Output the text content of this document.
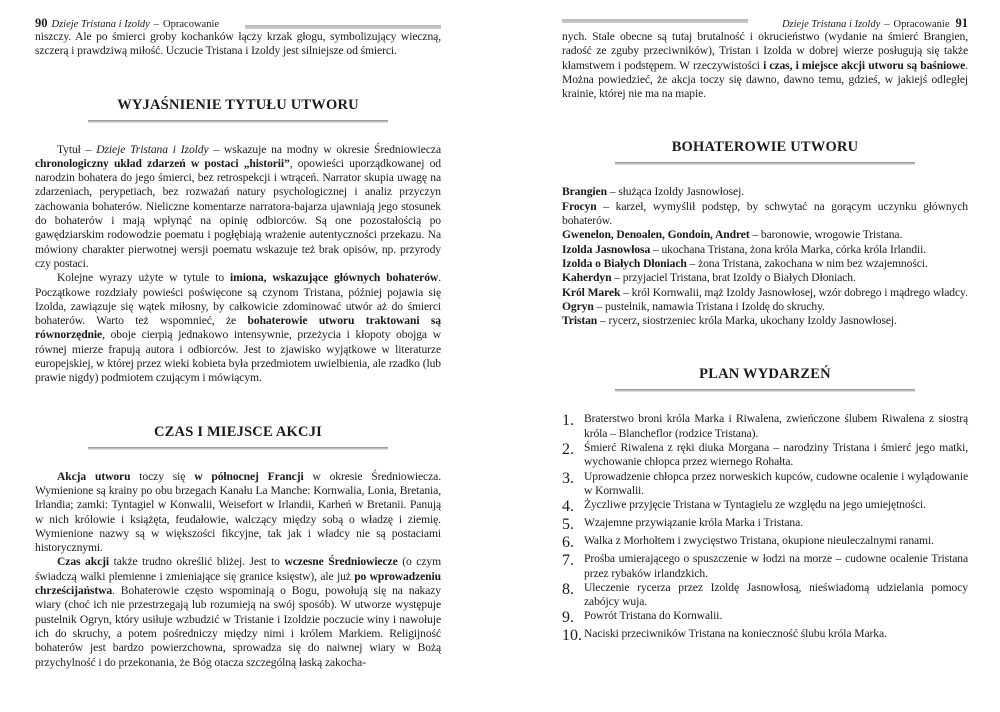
90 Dzieje Tristana i Izoldy – Opracowanie

niszczy. Ale po śmierci groby kochanków łączy krzak głogu, symbolizujący wieczną, szczerą i prawdziwą miłość. Uczucie Tristana i Izoldy jest silniejsze od śmierci.

WYJAŚNIENIE TYTUŁU UTWORU

Tytuł – Dzieje Tristana i Izoldy – wskazuje na modny w okresie Średniowiecza chronologiczny układ zdarzeń w postaci „historii”, opowieści uporządkowanej od narodzin bohatera do jego śmierci, bez retrospekcji i wtrąceń. Narrator skupia uwagę na zdarzeniach, perypetiach, bez rozważań natury psychologicznej i analiz przyczyn zachowania bohaterów. Nieliczne komentarze narratora-bajarza ujawniają jego stosunek do bohaterów i mają wpłynąć na opinię odbiorców. Są one pozostałością po gawędziarskim rodowodzie poematu i pogłębiają wrażenie autentyczności przekazu. Na mówiony charakter pierwotnej wersji poematu wskazuje też brak opisów, np. przyrody czy postaci.

Kolejne wyrazy użyte w tytule to imiona, wskazujące głównych bohaterów. Początkowe rozdziały powieści poświęcone są czynom Tristana, później pojawia się Izolda, zawiązuje się wątek miłosny, by całkowicie zdominować utwór aż do śmierci bohaterów. Warto też wspomnieć, że bohaterowie utworu traktowani są równorzędnie, oboje cierpią jednakowo intensywnie, przeżycia i kłopoty obojga w równej mierze frapują autora i odbiorców. Jest to zjawisko wyjątkowe w literaturze europejskiej, w której przez wieki kobieta była przedmiotem uwielbienia, ale rzadko (lub prawie nigdy) podmiotem czującym i mówiącym.

CZAS I MIEJSCE AKCJI

Akcja utworu toczy się w północnej Francji w okresie Średniowiecza. Wymienione są krainy po obu brzegach Kanału La Manche: Kornwalia, Lonia, Bretania, Irlandia; zamki: Tyntagiel w Konwalii, Weisefort w Irlandii, Karheń w Bretanii. Panują w nich królowie i książęta, feudałowie, walczący między sobą o władzę i ziemię. Wymienione nazwy są w większości fikcyjne, tak jak i władcy nie są postaciami historycznymi.

Czas akcji także trudno określić bliżej. Jest to wczesne Średniowiecze (o czym świadczą walki plemienne i zmieniające się granice księstw), ale już po wprowadzeniu chrześcijaństwa. Bohaterowie często wspominają o Bogu, powołują się na nakazy wiary (choć ich nie przestrzegają lub rozumieją na swój sposób). W utworze występuje pustelnik Ogryn, który usiłuje wzbudzić w Tristanie i Izoldzie poczucie winy i nawołuje ich do skruchy, a potem pośredniczy między nimi i królem Markiem. Religijność bohaterów jest bardzo powierzchowna, sprowadza się do naiwnej wiary w Bożą przychylność i do przekonania, że Bóg otacza szczególną łaską zakocha-

Dzieje Tristana i Izoldy – Opracowanie 91

nych. Stale obecne są tutaj brutalność i okrucieństwo (wydanie na śmierć Brangien, radość ze zguby przeciwników), Tristan i Izolda w dobrej wierze posługują się także kłamstwem i podstępem. W rzeczywistości i czas, i miejsce akcji utworu są baśniowe. Można powiedzieć, że akcja toczy się dawno, dawno temu, gdzieś, w jakiejś odległej krainie, której nie ma na mapie.

BOHATEROWIE UTWORU
Brangien – służąca Izoldy Jasnowłosej.
Frocyn – karzeł, wymyślił podstęp, by schwytać na gorącym uczynku głównych bohaterów.
Gwenelon, Denoalen, Gondoin, Andret – baronowie, wrogowie Tristana.
Izolda Jasnowłosa – ukochana Tristana, żona króla Marka, córka króla Irlandii.
Izolda o Białych Dłoniach – żona Tristana, zakochana w nim bez wzajemności.
Kaherdyn – przyjaciel Tristana, brat Izoldy o Białych Dłoniach.
Król Marek – król Kornwalii, mąż Izoldy Jasnowłosej, wzór dobrego i mądrego władcy.
Ogryn – pustelnik, namawia Tristana i Izoldę do skruchy.
Tristan – rycerz, siostrzeniec króla Marka, ukochany Izoldy Jasnowłosej.
PLAN WYDARZEŃ
1. Braterstwo broni króla Marka i Riwalena, zwieńczone ślubem Riwalena z siostrą króla – Blancheflor (rodzice Tristana).
2. Śmierć Riwalena z ręki diuka Morgana – narodziny Tristana i śmierć jego matki, wychowanie chłopca przez wiernego Rohałta.
3. Uprowadzenie chłopca przez norweskich kupców, cudowne ocalenie i wylądowanie w Kornwalii.
4. Życzliwe przyjęcie Tristana w Tyntagielu ze względu na jego umiejętności.
5. Wzajemne przywiązanie króla Marka i Tristana.
6. Walka z Morhołtem i zwycięstwo Tristana, okupione nieuleczalnymi ranami.
7. Prośba umierającego o spuszczenie w łodzi na morze – cudowne ocalenie Tristana przez rybaków irlandzkich.
8. Uleczenie rycerza przez Izoldę Jasnowłosą, nieświadomą udzielania pomocy zabójcy wuja.
9. Powrót Tristana do Kornwalii.
10. Naciski przeciwników Tristana na konieczność ślubu króla Marka.
